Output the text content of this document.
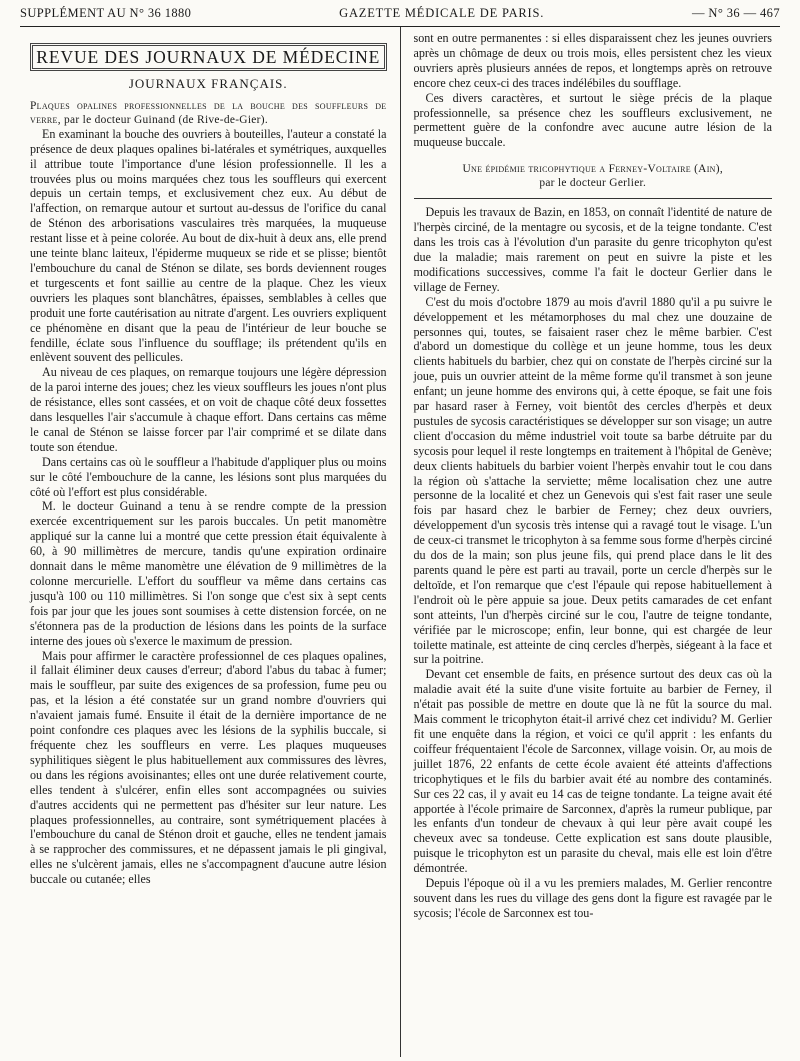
SUPPLÉMENT AU N° 36 1880	GAZETTE MÉDICALE DE PARIS.	— N° 36 — 467
REVUE DES JOURNAUX DE MÉDECINE
JOURNAUX FRANÇAIS.

Plaques opalines professionnelles de la bouche des souffleurs de verre, par le docteur Guinand (de Rive-de-Gier).

En examinant la bouche des ouvriers à bouteilles, l'auteur a constaté la présence de deux plaques opalines bi-latérales et symétriques, auxquelles il attribue toute l'importance d'une lésion professionnelle. Il les a trouvées plus ou moins marquées chez tous les souffleurs qui exercent depuis un certain temps, et exclusivement chez eux. Au début de l'affection, on remarque autour et surtout au-dessus de l'orifice du canal de Sténon des arborisations vasculaires très marquées, la muqueuse restant lisse et à peine colorée. Au bout de dix-huit à deux ans, elle prend une teinte blanc laiteux, l'épiderme muqueux se ride et se plisse; bientôt l'embouchure du canal de Sténon se dilate, ses bords deviennent rouges et turgescents et font saillie au centre de la plaque. Chez les vieux ouvriers les plaques sont blanchâtres, épaisses, semblables à celles que produit une forte cautérisation au nitrate d'argent. Les ouvriers expliquent ce phénomène en disant que la peau de l'intérieur de leur bouche se fendille, éclate sous l'influence du soufflage; ils prétendent qu'ils en enlèvent souvent des pellicules.

Au niveau de ces plaques, on remarque toujours une légère dépression de la paroi interne des joues; chez les vieux souffleurs les joues n'ont plus de résistance, elles sont cassées, et on voit de chaque côté deux fossettes dans lesquelles l'air s'accumule à chaque effort. Dans certains cas même le canal de Sténon se laisse forcer par l'air comprimé et se dilate dans toute son étendue.

Dans certains cas où le souffleur a l'habitude d'appliquer plus ou moins sur le côté l'embouchure de la canne, les lésions sont plus marquées du côté où l'effort est plus considérable.

M. le docteur Guinand a tenu à se rendre compte de la pression exercée excentriquement sur les parois buccales. Un petit manomètre appliqué sur la canne lui a montré que cette pression était équivalente à 60, à 90 millimètres de mercure, tandis qu'une expiration ordinaire donnait dans le même manomètre une élévation de 9 millimètres de la colonne mercurielle. L'effort du souffleur va même dans certains cas jusqu'à 100 ou 110 millimètres. Si l'on songe que c'est six à sept cents fois par jour que les joues sont soumises à cette distension forcée, on ne s'étonnera pas de la production de lésions dans les points de la surface interne des joues où s'exerce le maximum de pression.

Mais pour affirmer le caractère professionnel de ces plaques opalines, il fallait éliminer deux causes d'erreur; d'abord l'abus du tabac à fumer; mais le souffleur, par suite des exigences de sa profession, fume peu ou pas, et la lésion a été constatée sur un grand nombre d'ouvriers qui n'avaient jamais fumé. Ensuite il était de la dernière importance de ne point confondre ces plaques avec les lésions de la syphilis buccale, si fréquente chez les souffleurs en verre. Les plaques muqueuses syphilitiques siègent le plus habituellement aux commissures des lèvres, ou dans les régions avoisinantes; elles ont une durée relativement courte, elles tendent à s'ulcérer, enfin elles sont accompagnées ou suivies d'autres accidents qui ne permettent pas d'hésiter sur leur nature. Les plaques professionnelles, au contraire, sont symétriquement placées à l'embouchure du canal de Sténon droit et gauche, elles ne tendent jamais à se rapprocher des commissures, et ne dépassent jamais le pli gingival, elles ne s'ulcèrent jamais, elles ne s'accompagnent d'aucune autre lésion buccale ou cutanée; elles

sont en outre permanentes : si elles disparaissent chez les jeunes ouvriers après un chômage de deux ou trois mois, elles persistent chez les vieux ouvriers après plusieurs années de repos, et longtemps après on retrouve encore chez ceux-ci des traces indélébiles du soufflage.

Ces divers caractères, et surtout le siège précis de la plaque professionnelle, sa présence chez les souffleurs exclusivement, ne permettent guère de la confondre avec aucune autre lésion de la muqueuse buccale.

Une épidémie tricophytique a Ferney-Voltaire (Ain),
par le docteur Gerlier.

Depuis les travaux de Bazin, en 1853, on connaît l'identité de nature de l'herpès circiné, de la mentagre ou sycosis, et de la teigne tondante. C'est dans les trois cas à l'évolution d'un parasite du genre tricophyton qu'est due la maladie; mais rarement on peut en suivre la piste et les modifications successives, comme l'a fait le docteur Gerlier dans le village de Ferney.

C'est du mois d'octobre 1879 au mois d'avril 1880 qu'il a pu suivre le développement et les métamorphoses du mal chez une douzaine de personnes qui, toutes, se faisaient raser chez le même barbier. C'est d'abord un domestique du collège et un jeune homme, tous les deux clients habituels du barbier, chez qui on constate de l'herpès circiné sur la joue, puis un ouvrier atteint de la même forme qu'il transmet à son jeune enfant; un jeune homme des environs qui, à cette époque, se fait une fois par hasard raser à Ferney, voit bientôt des cercles d'herpès et deux pustules de sycosis caractéristiques se développer sur son visage; un autre client d'occasion du même industriel voit toute sa barbe détruite par du sycosis pour lequel il reste longtemps en traitement à l'hôpital de Genève; deux clients habituels du barbier voient l'herpès envahir tout le cou dans la région où s'attache la serviette; même localisation chez une autre personne de la localité et chez un Genevois qui s'est fait raser une seule fois par hasard chez le barbier de Ferney; chez deux ouvriers, développement d'un sycosis très intense qui a ravagé tout le visage. L'un de ceux-ci transmet le tricophyton à sa femme sous forme d'herpès circiné du dos de la main; son plus jeune fils, qui prend place dans le lit des parents quand le père est parti au travail, porte un cercle d'herpès sur le deltoïde, et l'on remarque que c'est l'épaule qui repose habituellement à l'endroit où le père appuie sa joue. Deux petits camarades de cet enfant sont atteints, l'un d'herpès circiné sur le cou, l'autre de teigne tondante, vérifiée par le microscope; enfin, leur bonne, qui est chargée de leur toilette matinale, est atteinte de cinq cercles d'herpès, siégeant à la face et sur la poitrine.

Devant cet ensemble de faits, en présence surtout des deux cas où la maladie avait été la suite d'une visite fortuite au barbier de Ferney, il n'était pas possible de mettre en doute que là ne fût la source du mal. Mais comment le tricophyton était-il arrivé chez cet individu? M. Gerlier fit une enquête dans la région, et voici ce qu'il apprit : les enfants du coiffeur fréquentaient l'école de Sarconnex, village voisin. Or, au mois de juillet 1876, 22 enfants de cette école avaient été atteints d'affections tricophytiques et le fils du barbier avait été au nombre des contaminés. Sur ces 22 cas, il y avait eu 14 cas de teigne tondante. La teigne avait été apportée à l'école primaire de Sarconnex, d'après la rumeur publique, par les enfants d'un tondeur de chevaux à qui leur père avait coupé les cheveux avec sa tondeuse. Cette explication est sans doute plausible, puisque le tricophyton est un parasite du cheval, mais elle est loin d'être démontrée.

Depuis l'époque où il a vu les premiers malades, M. Gerlier rencontre souvent dans les rues du village des gens dont la figure est ravagée par le sycosis; l'école de Sarconnex est tou-
